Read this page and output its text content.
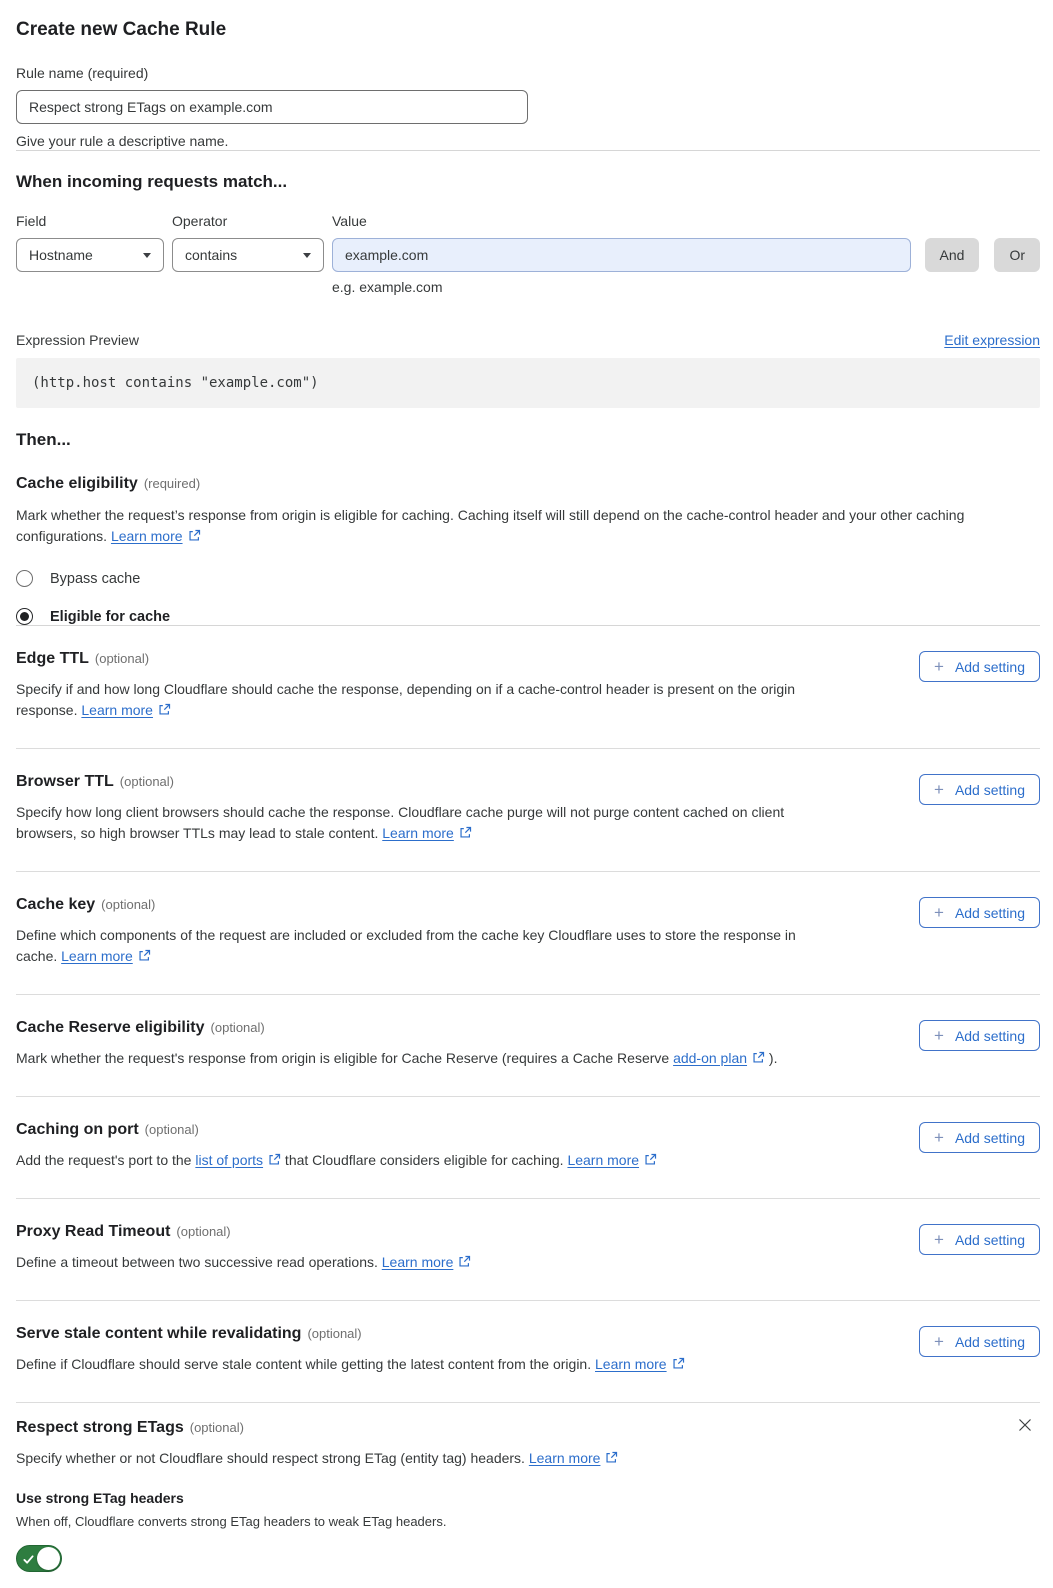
Create new Cache Rule
Rule name (required)
Respect strong ETags on example.com
Give your rule a descriptive name.
When incoming requests match...
Field
Hostname
Operator
contains
Value
example.com
e.g. example.com
And	Or
Expression Preview	Edit expression
(http.host contains "example.com")
Then...
Cache eligibility (required)

Mark whether the request’s response from origin is eligible for caching. Caching itself will still depend on the cache-control header and your other caching configurations. Learn more

Bypass cache
Eligible for cache
Edge TTL (optional)

Specify if and how long Cloudflare should cache the response, depending on if a cache-control header is present on the origin response. Learn more

+ Add setting
Browser TTL (optional)

Specify how long client browsers should cache the response. Cloudflare cache purge will not purge content cached on client browsers, so high browser TTLs may lead to stale content. Learn more

+ Add setting
Cache key (optional)

Define which components of the request are included or excluded from the cache key Cloudflare uses to store the response in cache. Learn more

+ Add setting
Cache Reserve eligibility (optional)

Mark whether the request's response from origin is eligible for Cache Reserve (requires a Cache Reserve add-on plan ).

+ Add setting
Caching on port (optional)

Add the request's port to the list of ports that Cloudflare considers eligible for caching. Learn more

+ Add setting
Proxy Read Timeout (optional)

Define a timeout between two successive read operations. Learn more

+ Add setting
Serve stale content while revalidating (optional)

Define if Cloudflare should serve stale content while getting the latest content from the origin. Learn more

+ Add setting
Respect strong ETags (optional)

Specify whether or not Cloudflare should respect strong ETag (entity tag) headers. Learn more

Use strong ETag headers
When off, Cloudflare converts strong ETag headers to weak ETag headers.
